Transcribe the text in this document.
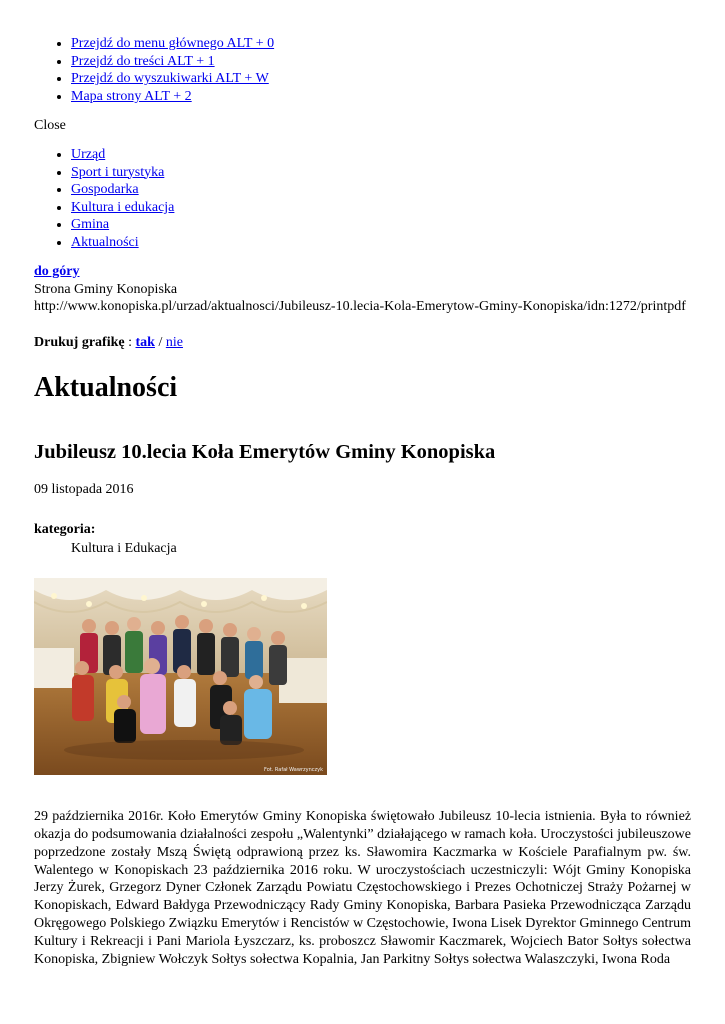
• Przejdź do menu głównego ALT + 0
• Przejdź do treści ALT + 1
• Przejdź do wyszukiwarki ALT + W
• Mapa strony ALT + 2
Close
• Urząd
• Sport i turystyka
• Gospodarka
• Kultura i edukacja
• Gmina
• Aktualności
do góry
Strona Gminy Konopiska
http://www.konopiska.pl/urzad/aktualnosci/Jubileusz-10.lecia-Kola-Emerytow-Gminy-Konopiska/idn:1272/printpdf
Drukuj grafikę : tak / nie
Aktualności
Jubileusz 10.lecia Koła Emerytów Gminy Konopiska
09 listopada 2016
kategoria:
Kultura i Edukacja
Fot. Rafał Wawrzynczyk

29 października 2016r. Koło Emerytów Gminy Konopiska świętowało Jubileusz 10-lecia istnienia. Była to również okazja do podsumowania działalności zespołu „Walentynki” działającego w ramach koła. Uroczystości jubileuszowe poprzedzone zostały Mszą Świętą odprawioną przez ks. Sławomira Kaczmarka w Kościele Parafialnym pw. św. Walentego w Konopiskach 23 października 2016 roku. W uroczystościach uczestniczyli: Wójt Gminy Konopiska Jerzy Żurek, Grzegorz Dyner Członek Zarządu Powiatu Częstochowskiego i Prezes Ochotniczej Straży Pożarnej w Konopiskach, Edward Bałdyga Przewodniczący Rady Gminy Konopiska, Barbara Pasieka Przewodnicząca Zarządu Okręgowego Polskiego Związku Emerytów i Rencistów w Częstochowie, Iwona Lisek Dyrektor Gminnego Centrum Kultury i Rekreacji i Pani Mariola Łyszczarz, ks. proboszcz Sławomir Kaczmarek, Wojciech Bator Sołtys sołectwa Konopiska, Zbigniew Wołczyk Sołtys sołectwa Kopalnia, Jan Parkitny Sołtys sołectwa Walaszczyki, Iwona Roda
